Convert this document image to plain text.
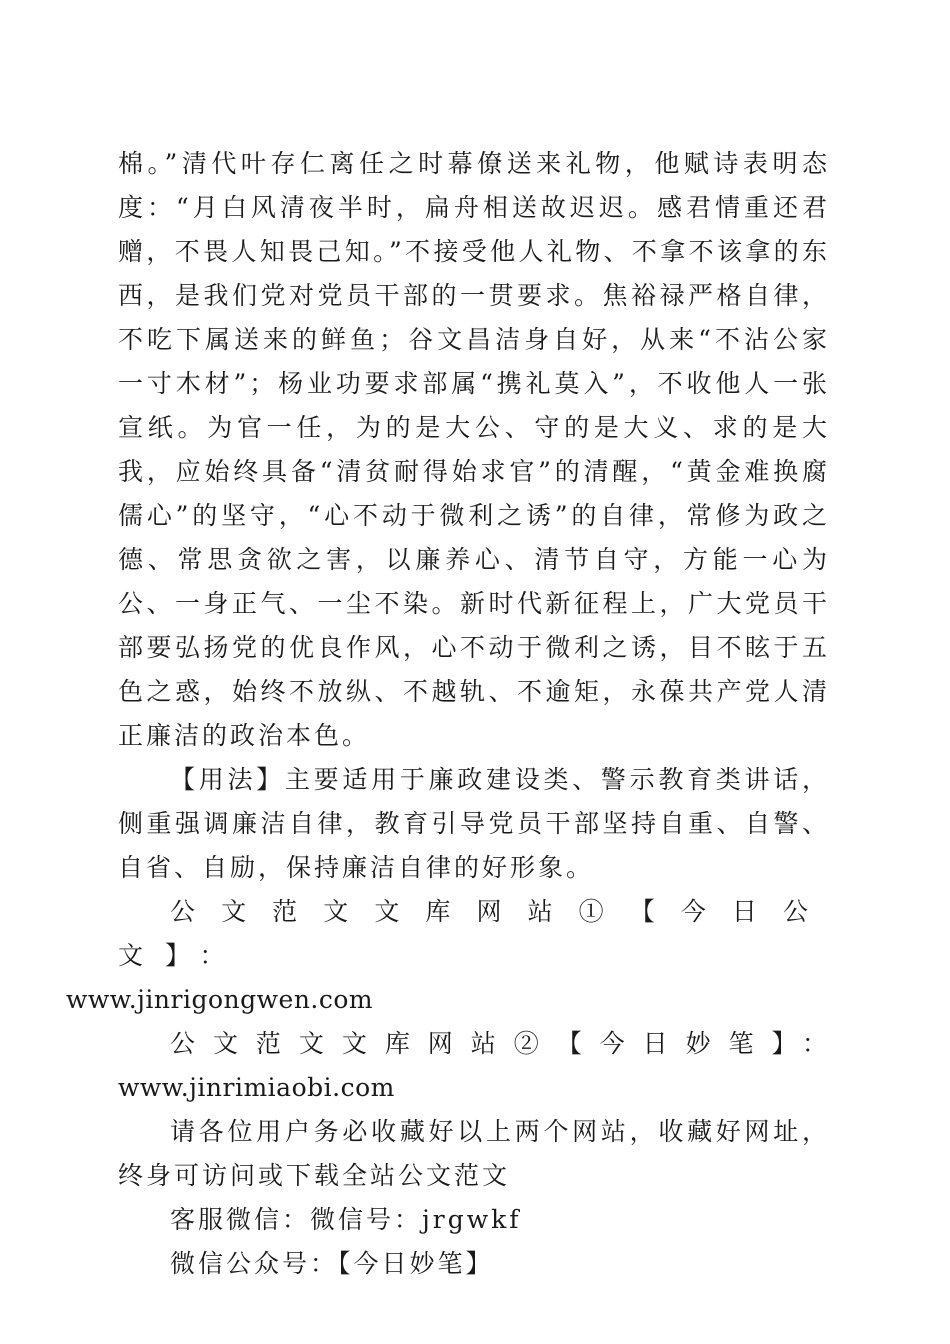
棉。”清代叶存仁离任之时幕僚送来礼物，他赋诗表明态度：“月白风清夜半时，扁舟相送故迟迟。感君情重还君赠，不畏人知畏己知。”不接受他人礼物、不拿不该拿的东西，是我们党对党员干部的一贯要求。焦裕禄严格自律，不吃下属送来的鲜鱼；谷文昌洁身自好，从来“不沾公家一寸木材”；杨业功要求部属“携礼莫入”，不收他人一张宣纸。为官一任，为的是大公、守的是大义、求的是大我，应始终具备“清贫耐得始求官”的清醒，“黄金难换腐儒心”的坚守，“心不动于微利之诱”的自律，常修为政之德、常思贪欲之害，以廉养心、清节自守，方能一心为公、一身正气、一尘不染。新时代新征程上，广大党员干部要弘扬党的优良作风，心不动于微利之诱，目不眩于五色之惑，始终不放纵、不越轨、不逾矩，永葆共产党人清正廉洁的政治本色。

【用法】主要适用于廉政建设类、警示教育类讲话，侧重强调廉洁自律，教育引导党员干部坚持自重、自警、自省、自励，保持廉洁自律的好形象。

公文范文文库网站①【今日公文】：
www.jinrigongwen.com

公文范文文库网站②【今日妙笔】：www.jinrimiaobi.com

请各位用户务必收藏好以上两个网站，收藏好网址，终身可访问或下载全站公文范文

客服微信：微信号：jrgwkf

微信公众号：【今日妙笔】
